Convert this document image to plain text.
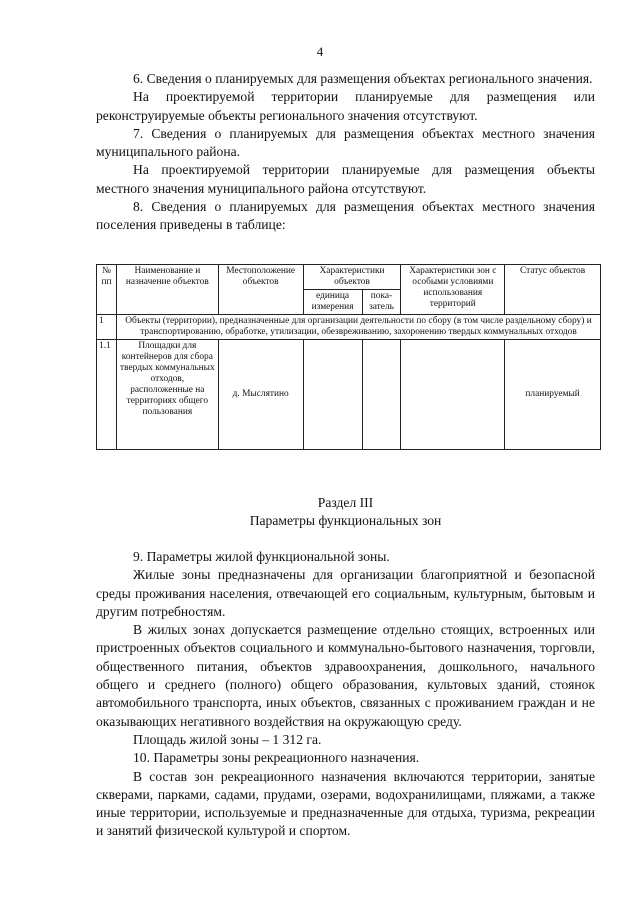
4

6. Сведения о планируемых для размещения объектах регионального значения.

На проектируемой территории планируемые для размещения или реконструируемые объекты регионального значения отсутствуют.

7. Сведения о планируемых для размещения объектах местного значения муниципального района.

На проектируемой территории планируемые для размещения объекты местного значения муниципального района отсутствуют.

8. Сведения о планируемых для размещения объектах местного значения поселения приведены в таблице:

№ пп	Наименование и назначение объектов	Местоположение объектов	Характеристики объектов		Характеристики зон с особыми условиями использования территорий	Статус объектов
			единица измерения	пока-затель		
1	Объекты (территории), предназначенные для организации деятельности по сбору (в том числе раздельному сбору) и транспортированию, обработке, утилизации, обезвреживанию, захоронению твердых коммунальных отходов					
1.1	Площадки для контейнеров для сбора твердых коммунальных отходов, расположенные на территориях общего пользования	д. Мыслятино				планируемый

Раздел III

Параметры функциональных зон

9. Параметры жилой функциональной зоны.

Жилые зоны предназначены для организации благоприятной и безопасной среды проживания населения, отвечающей его социальным, культурным, бытовым и другим потребностям.

В жилых зонах допускается размещение отдельно стоящих, встроенных или пристроенных объектов социального и коммунально-бытового назначения, торговли, общественного питания, объектов здравоохранения, дошкольного, начального общего и среднего (полного) общего образования, культовых зданий, стоянок автомобильного транспорта, иных объектов, связанных с проживанием граждан и не оказывающих негативного воздействия на окружающую среду.

Площадь жилой зоны – 1 312 га.

10. Параметры зоны рекреационного назначения.

В состав зон рекреационного назначения включаются территории, занятые скверами, парками, садами, прудами, озерами, водохранилищами, пляжами, а также иные территории, используемые и предназначенные для отдыха, туризма, рекреации и занятий физической культурой и спортом.
